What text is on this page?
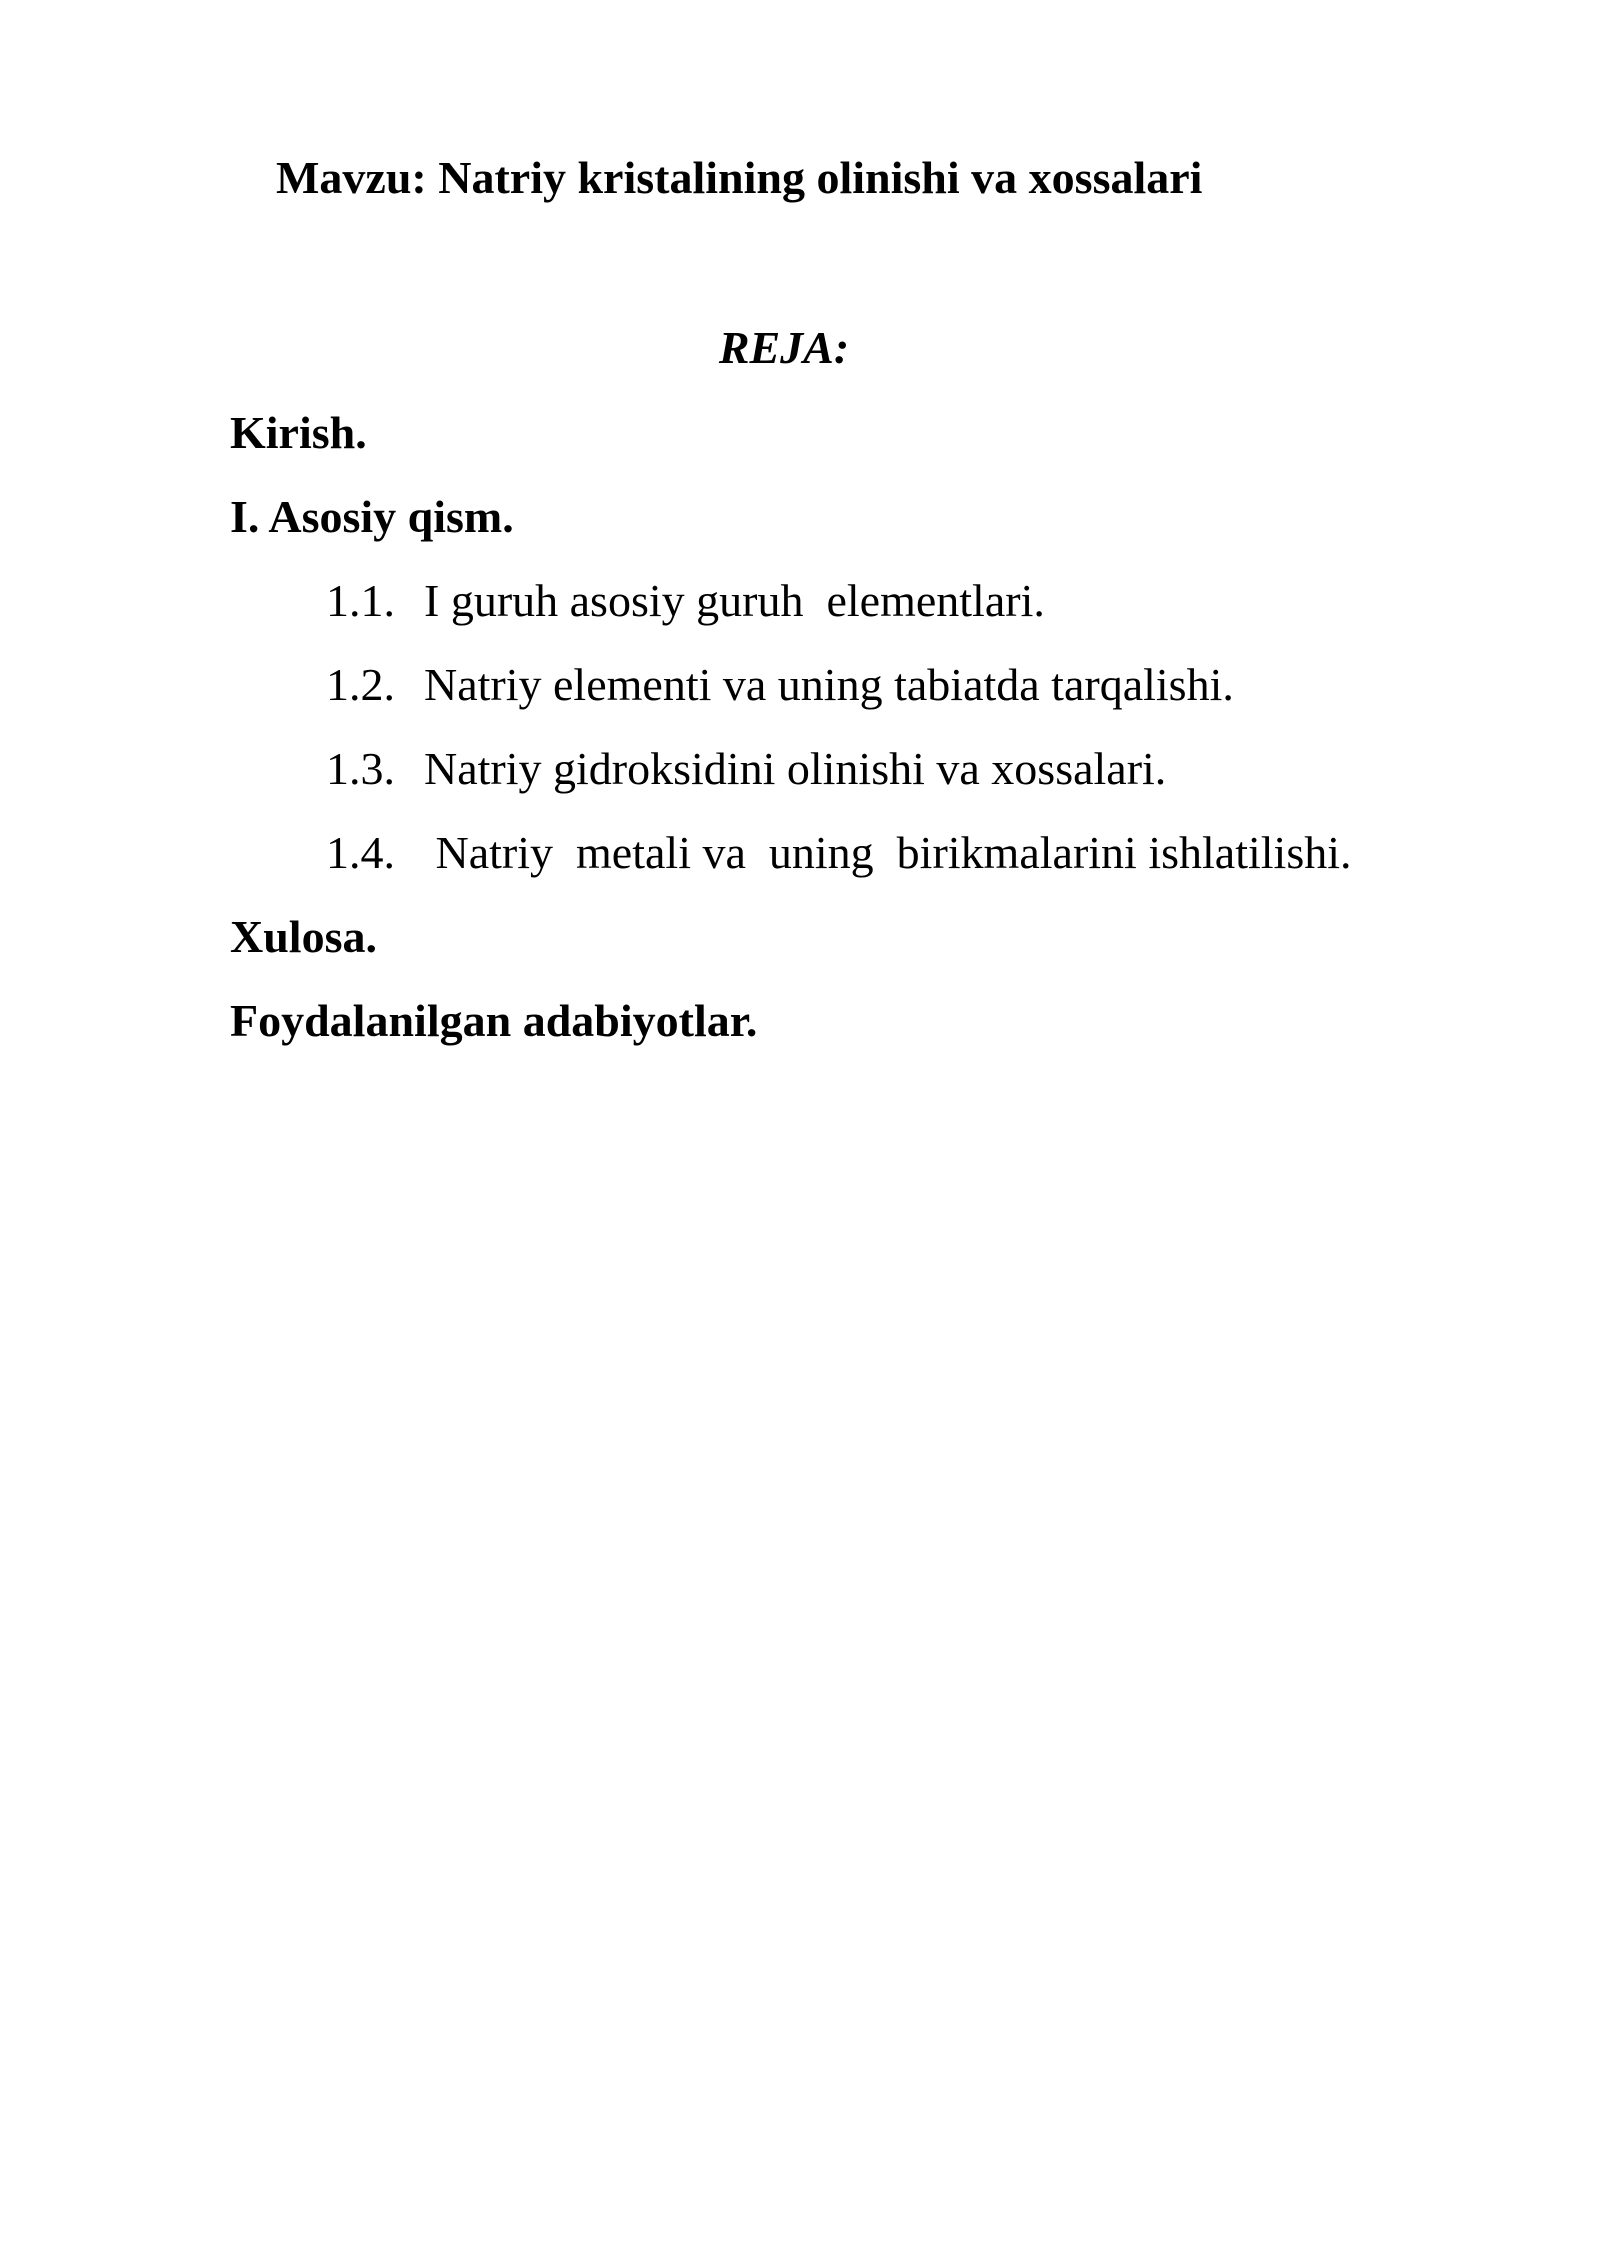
Mavzu: Natriy kristalining olinishi va xossalari
REJA:
Kirish.
I. Asosiy qism.
1.1. I guruh asosiy guruh  elementlari.
1.2. Natriy elementi va uning tabiatda tarqalishi.
1.3. Natriy gidroksidini olinishi va xossalari.
1.4. Natriy  metali va  uning  birikmalarini ishlatilishi.
Xulosa.
Foydalanilgan adabiyotlar.
